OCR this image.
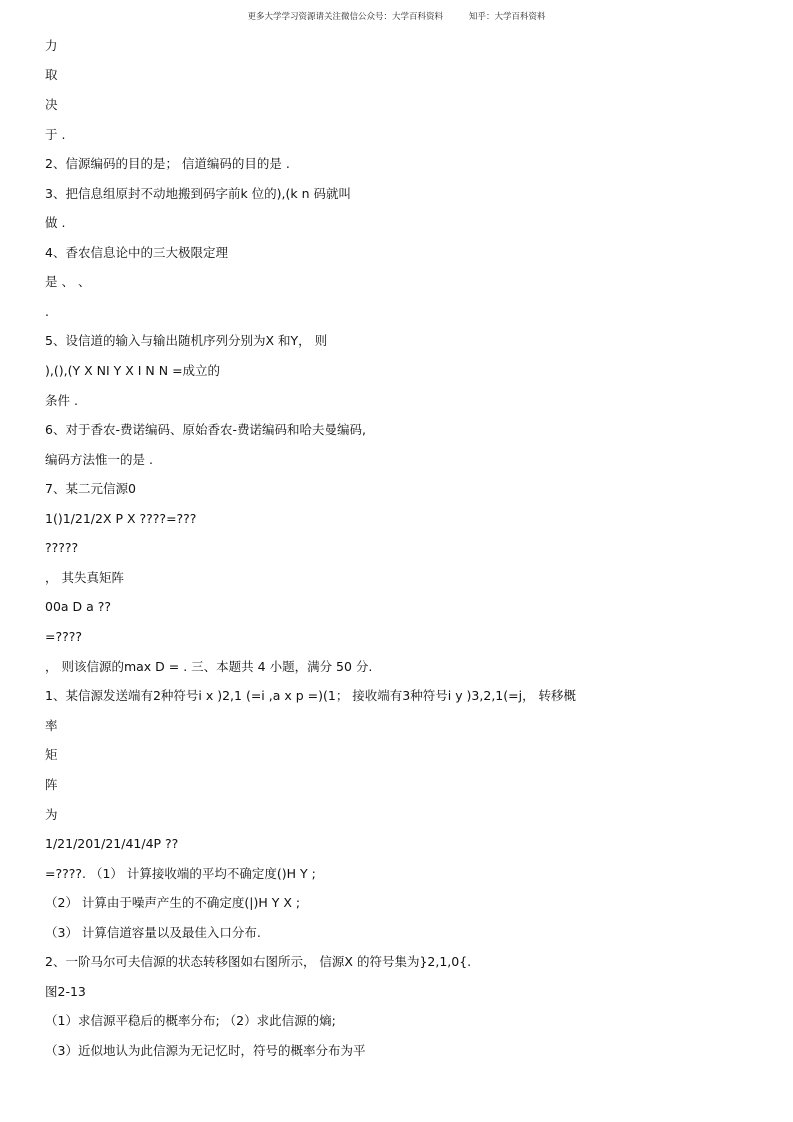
更多大学学习资源请关注微信公众号：大学百科资料	知乎：大学百科资料
力
取
决
于 .
2、信源编码的目的是； 信道编码的目的是 .
3、把信息组原封不动地搬到码字前k 位的),(k n 码就叫
做 .
4、香农信息论中的三大极限定理
是 、 、
.
5、设信道的输入与输出随机序列分别为X 和Y， 则
),(),(Y X NI Y X I N N =成立的
条件 .
6、对于香农-费诺编码、原始香农-费诺编码和哈夫曼编码,
编码方法惟一的是 .
7、某二元信源0
1()1/21/2X P X ????=???
?????
， 其失真矩阵
00a D a ??
=????
， 则该信源的max D = . 三、本题共 4 小题，满分 50 分.
1、某信源发送端有2种符号i x )2,1 (=i ,a x p =)(1； 接收端有3种符号i y )3,2,1(=j， 转移概
率
矩
阵
为
1/21/201/21/41/4P ??
=????. （1） 计算接收端的平均不确定度()H Y ;
（2） 计算由于噪声产生的不确定度(|)H Y X ;
（3） 计算信道容量以及最佳入口分布.
2、一阶马尔可夫信源的状态转移图如右图所示， 信源X 的符号集为}2,1,0{.
图2-13
（1）求信源平稳后的概率分布; （2）求此信源的熵;
（3）近似地认为此信源为无记忆时，符号的概率分布为平
